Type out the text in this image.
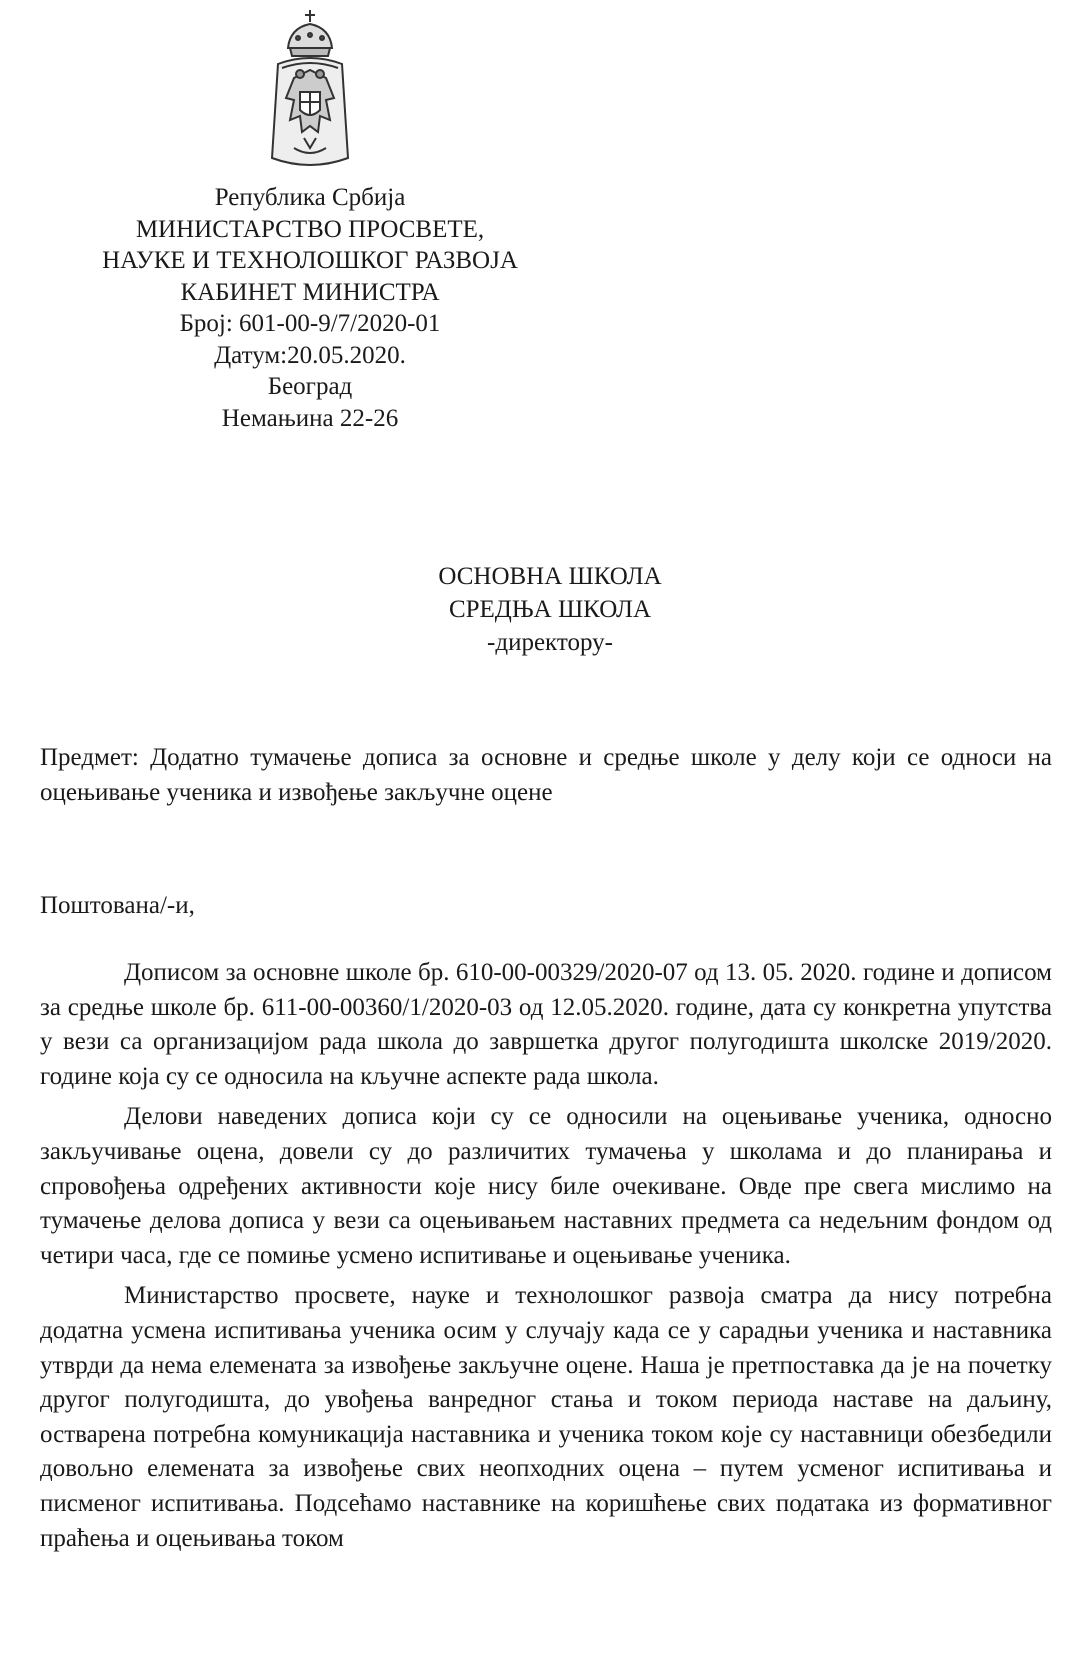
Република Србија
МИНИСТАРСТВО ПРОСВЕТЕ,
НАУКЕ И ТЕХНОЛОШКОГ РАЗВОЈА
КАБИНЕТ МИНИСТРА
Број: 601-00-9/7/2020-01
Датум:20.05.2020.
Београд
Немањина 22-26
ОСНОВНА ШКОЛА
СРЕДЊА ШКОЛА
-директору-
Предмет: Додатно тумачење дописа за основне и средње школе у делу који се односи на оцењивање ученика и извођење закључне оцене
Поштована/-и,

Дописом за основне школе бр. 610-00-00329/2020-07 од 13. 05. 2020. године и дописом за средње школе бр. 611-00-00360/1/2020-03 од 12.05.2020. године, дата су конкретна упутства у вези са организацијом рада школа до завршетка другог полугодишта школске 2019/2020. године која су се односила на кључне аспекте рада школа.

Делови наведених дописа који су се односили на оцењивање ученика, односно закључивање оцена, довели су до различитих тумачења у школама и до планирања и спровођења одређених активности које нису биле очекиване. Овде пре свега мислимо на тумачење делова дописа у вези са оцењивањем наставних предмета са недељним фондом од четири часа, где се помиње усмено испитивање и оцењивање ученика.

Министарство просвете, науке и технолошког развоја сматра да нису потребна додатна усмена испитивања ученика осим у случају када се у сарадњи ученика и наставника утврди да нема елемената за извођење закључне оцене. Наша је претпоставка да је на почетку другог полугодишта, до увођења ванредног стања и током периода наставе на даљину, остварена потребна комуникација наставника и ученика током које су наставници обезбедили довољно елемената за извођење свих неопходних оцена – путем усменог испитивања и писменог испитивања. Подсећамо наставнике на коришћење свих података из формативног праћења и оцењивања током
